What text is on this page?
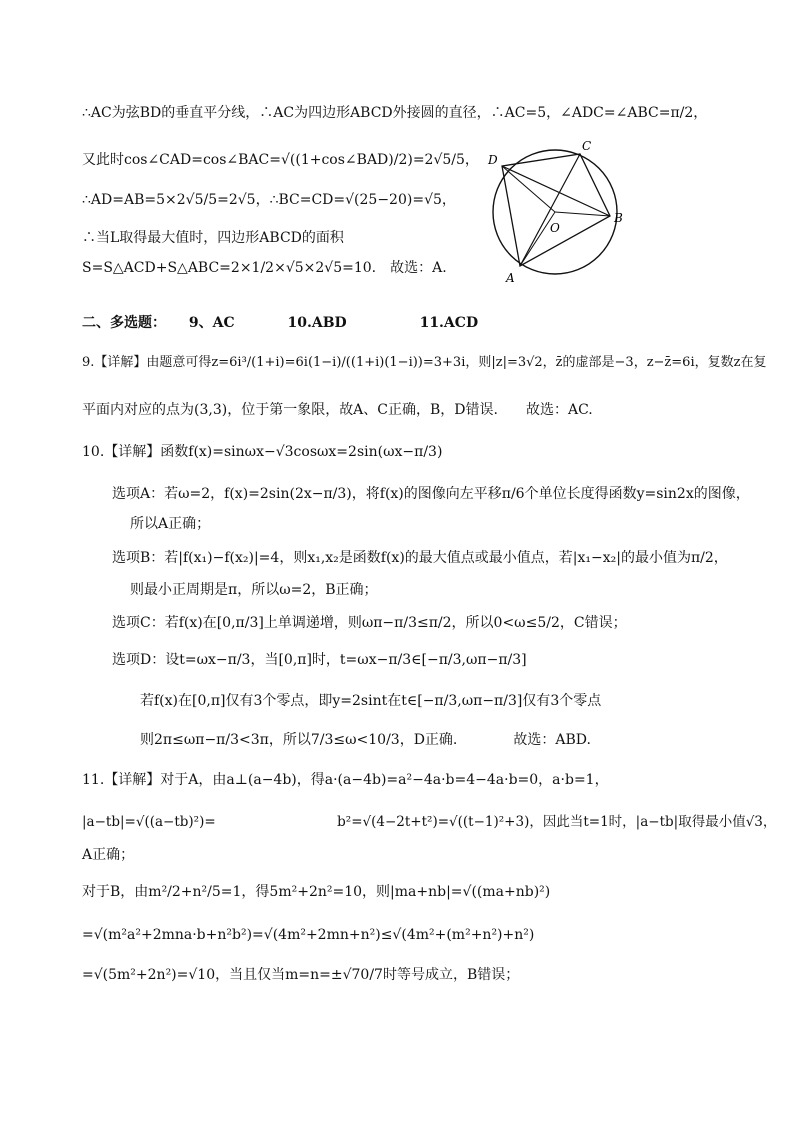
∴AC为弦BD的垂直平分线，∴AC为四边形ABCD外接圆的直径，∴AC=5，∠ADC=∠ABC=π/2，
又此时cos∠CAD=cos∠BAC=√((1+cos∠BAD)/2)=2√5/5，
∴AD=AB=5×2√5/5=2√5，∴BC=CD=√(25−20)=√5，
∴当L取得最大值时，四边形ABCD的面积
S=S△ACD+S△ABC=2×1/2×√5×2√5=10.　故选：A.
D
C
B
A
O
二、多选题： 9、AC	10.ABD	11.ACD
9.【详解】由题意可得z=6i³/(1+i)=6i(1−i)/((1+i)(1−i))=3+3i，则|z|=3√2，z̄的虚部是−3，z−z̄=6i，复数z在复
平面内对应的点为(3,3)，位于第一象限，故A、C正确，B，D错误.　　故选：AC.
10.【详解】函数f(x)=sinωx−√3cosωx=2sin(ωx−π/3)
选项A：若ω=2，f(x)=2sin(2x−π/3)，将f(x)的图像向左平移π/6个单位长度得函数y=sin2x的图像，
所以A正确；
选项B：若|f(x₁)−f(x₂)|=4，则x₁,x₂是函数f(x)的最大值点或最小值点，若|x₁−x₂|的最小值为π/2，
则最小正周期是π，所以ω=2，B正确；
选项C：若f(x)在[0,π/3]上单调递增，则ωπ−π/3≤π/2，所以0<ω≤5/2，C错误；
选项D：设t=ωx−π/3，当[0,π]时，t=ωx−π/3∈[−π/3,ωπ−π/3]
若f(x)在[0,π]仅有3个零点，即y=2sint在t∈[−π/3,ωπ−π/3]仅有3个零点
则2π≤ωπ−π/3<3π，所以7/3≤ω<10/3，D正确.　　　　故选：ABD.
11.【详解】对于A，由a⊥(a−4b)，得a·(a−4b)=a²−4a·b=4−4a·b=0，a·b=1，
|a−tb|=√((a−tb)²)=　　　　　　　　　b²=√(4−2t+t²)=√((t−1)²+3)，因此当t=1时，|a−tb|取得最小值√3，
A正确；
对于B，由m²/2+n²/5=1，得5m²+2n²=10，则|ma+nb|=√((ma+nb)²)
=√(m²a²+2mna·b+n²b²)=√(4m²+2mn+n²)≤√(4m²+(m²+n²)+n²)
=√(5m²+2n²)=√10，当且仅当m=n=±√70/7时等号成立，B错误；
